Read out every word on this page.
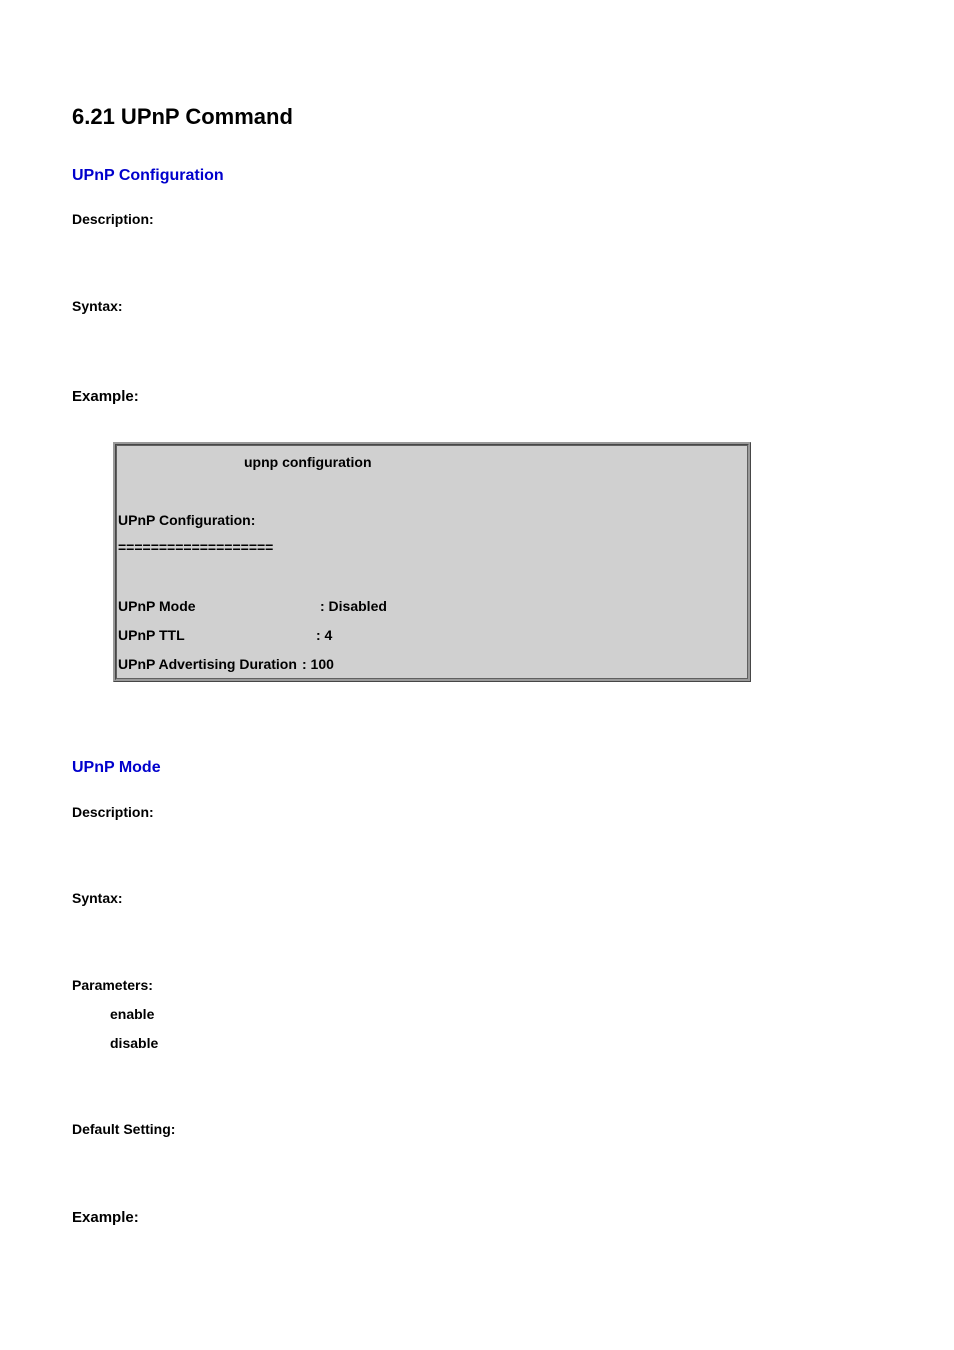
6.21 UPnP Command
UPnP Configuration
Description:
Syntax:
Example:
upnp configuration
UPnP Configuration:
===================
UPnP Mode	: Disabled
UPnP TTL	: 4
UPnP Advertising Duration : 100
UPnP Mode
Description:
Syntax:
Parameters:
enable
disable
Default Setting:
Example:
